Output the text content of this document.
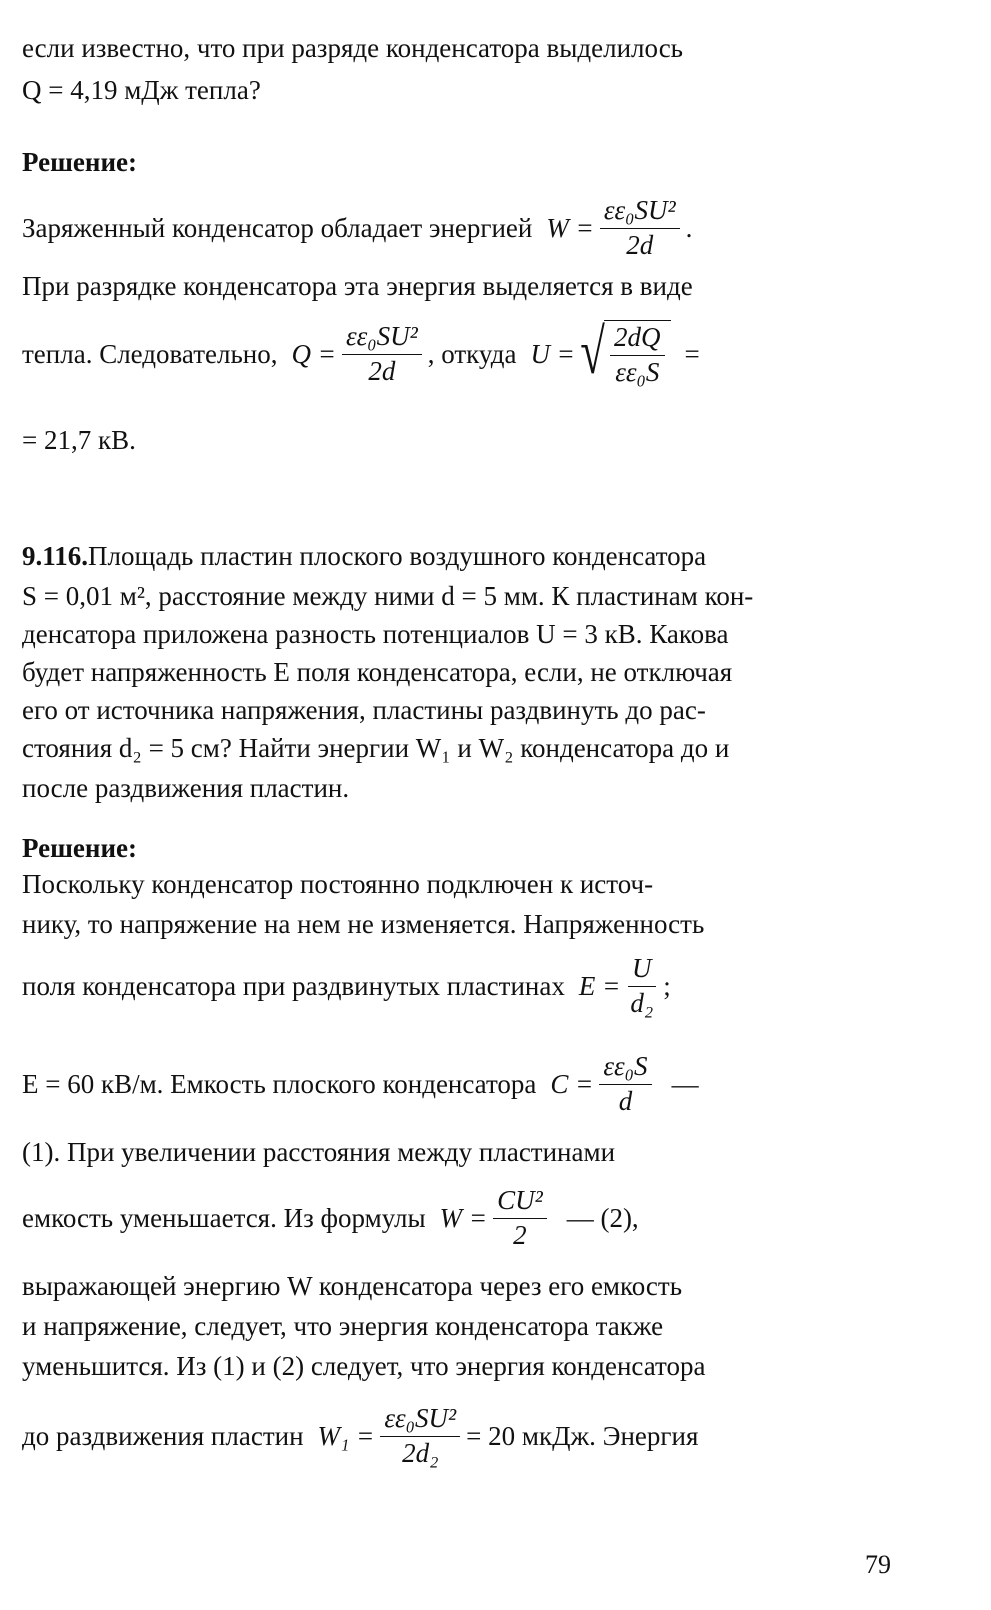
если известно, что при разряде конденсатора выделилось
Q = 4,19 мДж тепла?
Решение:
Заряженный конденсатор обладает энергией $W = \frac{\text{εε₀SU²}}{2d}$ .
При разрядке конденсатора эта энергия выделяется в виде
тепла. Следовательно, $Q = \frac{\text{εε₀SU²}}{2d}$ , откуда U = √ $\frac{2dQ}{\text{εε₀S}}$ =
= 21,7 кВ.
9.116. Площадь пластин плоского воздушного конденсатора
S = 0,01 м², расстояние между ними d = 5 мм. К пластинам кон-
денсатора приложена разность потенциалов U = 3 кВ. Какова
будет напряженность E поля конденсатора, если, не отключая
его от источника напряжения, пластины раздвинуть до рас-
стояния d₂ = 5 см? Найти энергии W₁ и W₂ конденсатора до и
после раздвижения пластин.
Решение:
Поскольку конденсатор постоянно подключен к источ-
нику, то напряжение на нем не изменяется. Напряженность
поля конденсатора при раздвинутых пластинах $E = \frac{U}{\text{d₂}}$ ;
E = 60 кВ/м. Емкость плоского конденсатора $C = \frac{\text{εε₀S}}{d}$ —
(1). При увеличении расстояния между пластинами
емкость уменьшается. Из формулы $W = \frac{\text{CU²}}{2}$ — (2),
выражающей энергию W конденсатора через его емкость
и напряжение, следует, что энергия конденсатора также
уменьшится. Из (1) и (2) следует, что энергия конденсатора
до раздвижения пластин $W_1 = \frac{\text{εε₀SU²}}{\text{2d₂}} = 20$ мкДж. Энергия
79
